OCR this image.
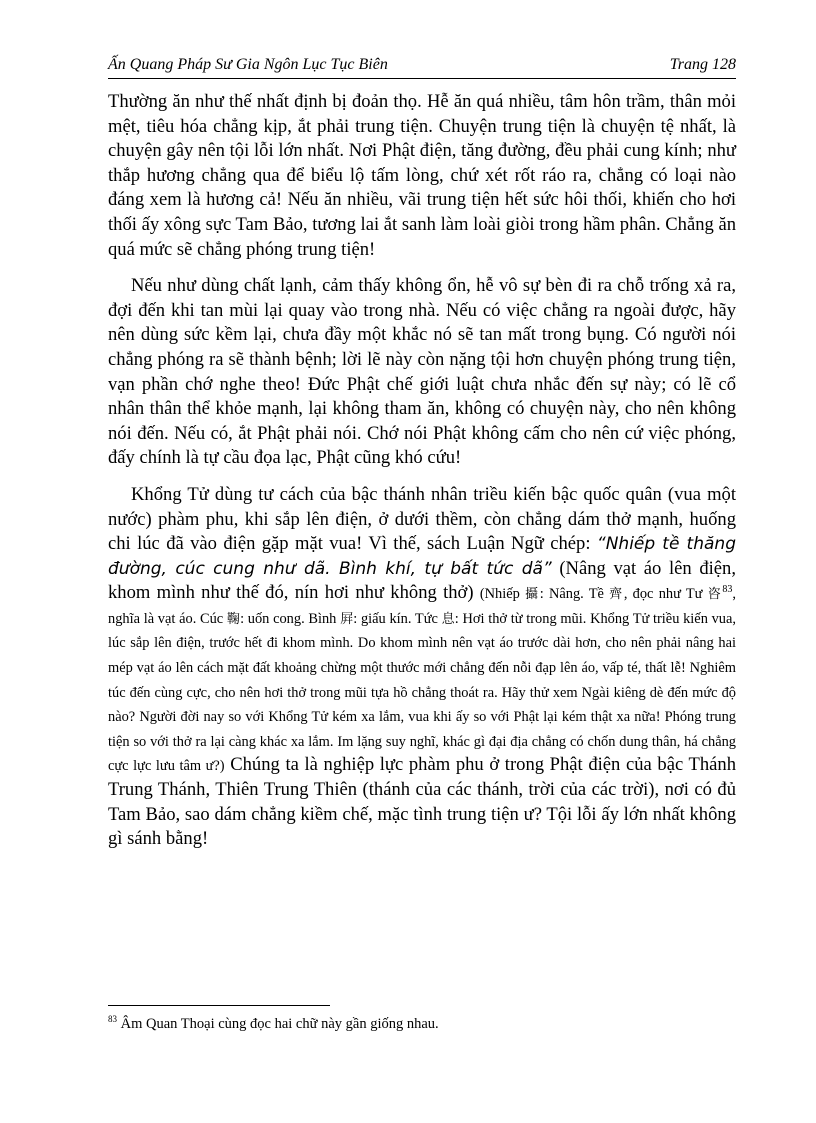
Ấn Quang Pháp Sư Gia Ngôn Lục Tục Biên	Trang 128

Thường ăn như thế nhất định bị đoản thọ. Hễ ăn quá nhiều, tâm hôn trầm, thân mỏi mệt, tiêu hóa chẳng kịp, ắt phải trung tiện. Chuyện trung tiện là chuyện tệ nhất, là chuyện gây nên tội lỗi lớn nhất. Nơi Phật điện, tăng đường, đều phải cung kính; như thắp hương chẳng qua để biểu lộ tấm lòng, chứ xét rốt ráo ra, chẳng có loại nào đáng xem là hương cả! Nếu ăn nhiều, vãi trung tiện hết sức hôi thối, khiến cho hơi thối ấy xông sực Tam Bảo, tương lai ắt sanh làm loài giòi trong hầm phân. Chẳng ăn quá mức sẽ chẳng phóng trung tiện!

Nếu như dùng chất lạnh, cảm thấy không ổn, hễ vô sự bèn đi ra chỗ trống xả ra, đợi đến khi tan mùi lại quay vào trong nhà. Nếu có việc chẳng ra ngoài được, hãy nên dùng sức kềm lại, chưa đầy một khắc nó sẽ tan mất trong bụng. Có người nói chẳng phóng ra sẽ thành bệnh; lời lẽ này còn nặng tội hơn chuyện phóng trung tiện, vạn phần chớ nghe theo! Đức Phật chế giới luật chưa nhắc đến sự này; có lẽ cổ nhân thân thể khỏe mạnh, lại không tham ăn, không có chuyện này, cho nên không nói đến. Nếu có, ắt Phật phải nói. Chớ nói Phật không cấm cho nên cứ việc phóng, đấy chính là tự cầu đọa lạc, Phật cũng khó cứu!

Khổng Tử dùng tư cách của bậc thánh nhân triều kiến bậc quốc quân (vua một nước) phàm phu, khi sắp lên điện, ở dưới thềm, còn chẳng dám thở mạnh, huống chi lúc đã vào điện gặp mặt vua! Vì thế, sách Luận Ngữ chép: “Nhiếp tề thăng đường, cúc cung như dã. Bình khí, tự bất tức dã” (Nâng vạt áo lên điện, khom mình như thế đó, nín hơi như không thở) (Nhiếp 攝: Nâng. Tề 齊, đọc như Tư 咨$^{83}$, nghĩa là vạt áo. Cúc 鞠: uốn cong. Bình 屛: giấu kín. Tức 息: Hơi thở từ trong mũi. Khổng Tử triều kiến vua, lúc sắp lên điện, trước hết đi khom mình. Do khom mình nên vạt áo trước dài hơn, cho nên phải nâng hai mép vạt áo lên cách mặt đất khoảng chừng một thước mới chẳng đến nỗi đạp lên áo, vấp té, thất lễ! Nghiêm túc đến cùng cực, cho nên hơi thở trong mũi tựa hồ chẳng thoát ra. Hãy thử xem Ngài kiêng dè đến mức độ nào? Người đời nay so với Khổng Tử kém xa lắm, vua khi ấy so với Phật lại kém thật xa nữa! Phóng trung tiện so với thở ra lại càng khác xa lắm. Im lặng suy nghĩ, khác gì đại địa chẳng có chốn dung thân, há chẳng cực lực lưu tâm ư?) Chúng ta là nghiệp lực phàm phu ở trong Phật điện của bậc Thánh Trung Thánh, Thiên Trung Thiên (thánh của các thánh, trời của các trời), nơi có đủ Tam Bảo, sao dám chẳng kiềm chế, mặc tình trung tiện ư? Tội lỗi ấy lớn nhất không gì sánh bằng!

$^{83}$ Âm Quan Thoại cùng đọc hai chữ này gần giống nhau.
